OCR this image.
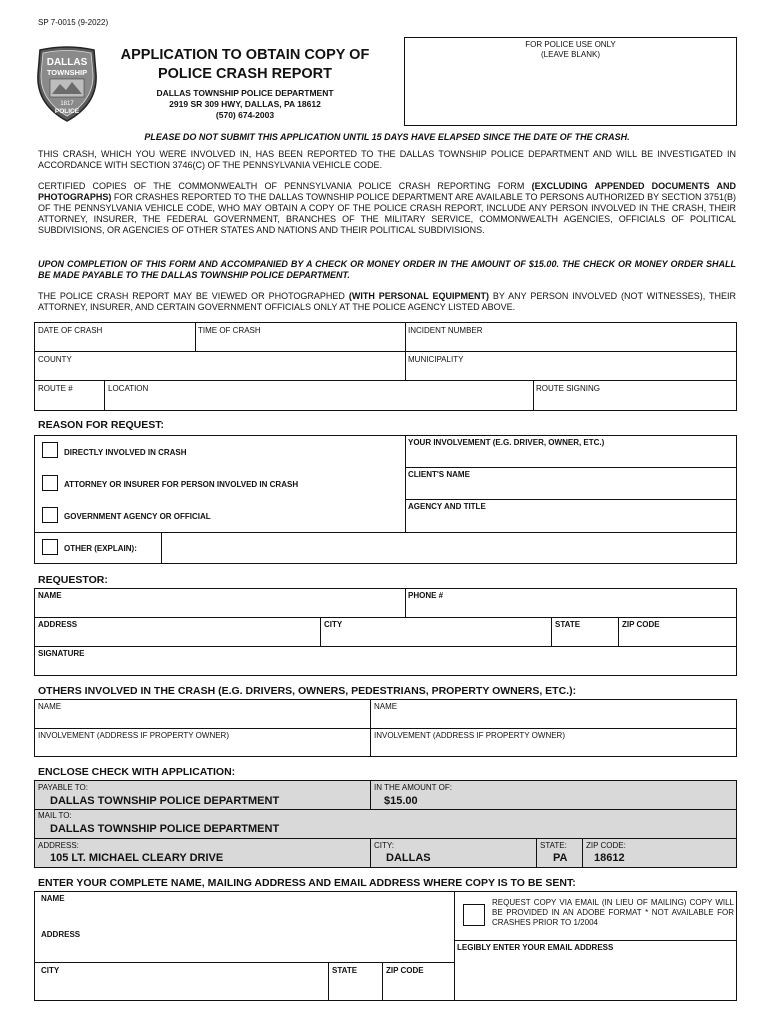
SP 7-0015 (9-2022)
DALLAS
TOWNSHIP
1817
POLICE
APPLICATION TO OBTAIN COPY OF
POLICE CRASH REPORT
DALLAS TOWNSHIP POLICE DEPARTMENT
2919 SR 309 HWY, DALLAS, PA 18612
(570) 674-2003
FOR POLICE USE ONLY
(LEAVE BLANK)
PLEASE DO NOT SUBMIT THIS APPLICATION UNTIL 15 DAYS HAVE ELAPSED SINCE THE DATE OF THE CRASH.
THIS CRASH, WHICH YOU WERE INVOLVED IN, HAS BEEN REPORTED TO THE DALLAS TOWNSHIP POLICE DEPARTMENT AND WILL BE INVESTIGATED IN ACCORDANCE WITH SECTION 3746(C) OF THE PENNSYLVANIA VEHICLE CODE.
CERTIFIED COPIES OF THE COMMONWEALTH OF PENNSYLVANIA POLICE CRASH REPORTING FORM (EXCLUDING APPENDED DOCUMENTS AND PHOTOGRAPHS) FOR CRASHES REPORTED TO THE DALLAS TOWNSHIP POLICE DEPARTMENT ARE AVAILABLE TO PERSONS AUTHORIZED BY SECTION 3751(B) OF THE PENNSYLVANIA VEHICLE CODE, WHO MAY OBTAIN A COPY OF THE POLICE CRASH REPORT, INCLUDE ANY PERSON INVOLVED IN THE CRASH, THEIR ATTORNEY, INSURER, THE FEDERAL GOVERNMENT, BRANCHES OF THE MILITARY SERVICE, COMMONWEALTH AGENCIES, OFFICIALS OF POLITICAL SUBDIVISIONS, OR AGENCIES OF OTHER STATES AND NATIONS AND THEIR POLITICAL SUBDIVISIONS.
UPON COMPLETION OF THIS FORM AND ACCOMPANIED BY A CHECK OR MONEY ORDER IN THE AMOUNT OF $15.00. THE CHECK OR MONEY ORDER SHALL BE MADE PAYABLE TO THE DALLAS TOWNSHIP POLICE DEPARTMENT.
THE POLICE CRASH REPORT MAY BE VIEWED OR PHOTOGRAPHED (WITH PERSONAL EQUIPMENT) BY ANY PERSON INVOLVED (NOT WITNESSES), THEIR ATTORNEY, INSURER, AND CERTAIN GOVERNMENT OFFICIALS ONLY AT THE POLICE AGENCY LISTED ABOVE.
DATE OF CRASH	TIME OF CRASH	INCIDENT NUMBER
COUNTY	MUNICIPALITY
ROUTE #	LOCATION	ROUTE SIGNING
REASON FOR REQUEST:
DIRECTLY INVOLVED IN CRASH
ATTORNEY OR INSURER FOR PERSON INVOLVED IN CRASH
GOVERNMENT AGENCY OR OFFICIAL
OTHER (EXPLAIN):
YOUR INVOLVEMENT (E.G. DRIVER, OWNER, ETC.)
CLIENT'S NAME
AGENCY AND TITLE
REQUESTOR:
NAME	PHONE #
ADDRESS	CITY	STATE	ZIP CODE
SIGNATURE
OTHERS INVOLVED IN THE CRASH (E.G. DRIVERS, OWNERS, PEDESTRIANS, PROPERTY OWNERS, ETC.):
NAME	NAME
INVOLVEMENT (ADDRESS IF PROPERTY OWNER)	INVOLVEMENT (ADDRESS IF PROPERTY OWNER)
ENCLOSE CHECK WITH APPLICATION:
PAYABLE TO:
DALLAS TOWNSHIP POLICE DEPARTMENT
IN THE AMOUNT OF:
$15.00
MAIL TO:
DALLAS TOWNSHIP POLICE DEPARTMENT
ADDRESS:
105 LT. MICHAEL CLEARY DRIVE
CITY:
DALLAS
STATE:
PA
ZIP CODE:
18612
ENTER YOUR COMPLETE NAME, MAILING ADDRESS AND EMAIL ADDRESS WHERE COPY IS TO BE SENT:
NAME
ADDRESS
CITY	STATE	ZIP CODE
REQUEST COPY VIA EMAIL (IN LIEU OF MAILING) COPY WILL BE PROVIDED IN AN ADOBE FORMAT * NOT AVAILABLE FOR CRASHES PRIOR TO 1/2004
LEGIBLY ENTER YOUR EMAIL ADDRESS
